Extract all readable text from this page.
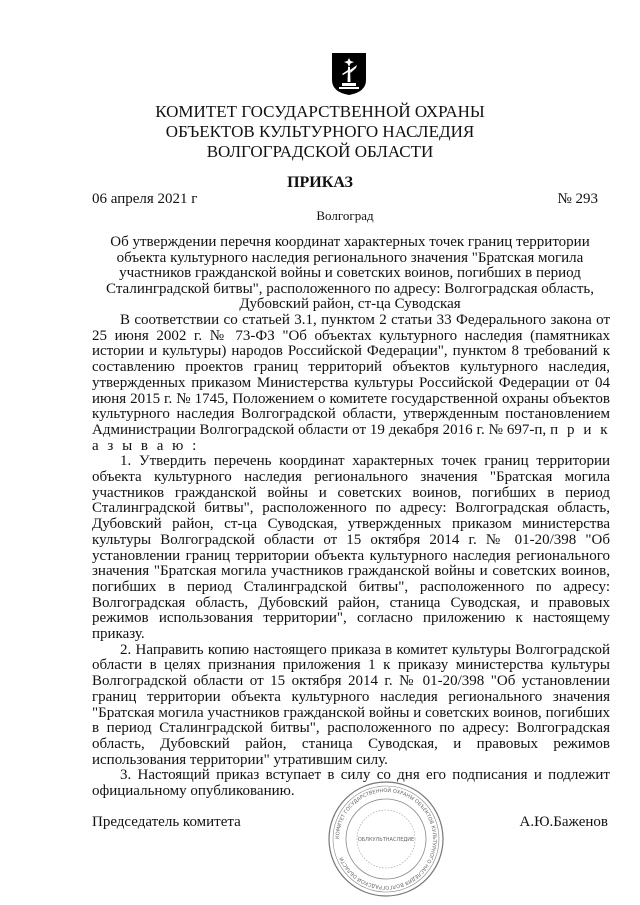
КОМИТЕТ ГОСУДАРСТВЕННОЙ ОХРАНЫ
ОБЪЕКТОВ КУЛЬТУРНОГО НАСЛЕДИЯ
ВОЛГОГРАДСКОЙ ОБЛАСТИ
ПРИКАЗ
06 апреля 2021 г	№ 293
Волгоград
Об утверждении перечня координат характерных точек границ территории объекта культурного наследия регионального значения "Братская могила участников гражданской войны и советских воинов, погибших в период Сталинградской битвы", расположенного по адресу: Волгоградская область, Дубовский район, ст-ца Суводская

В соответствии со статьей 3.1, пунктом 2 статьи 33 Федерального закона от 25 июня 2002 г. № 73-ФЗ "Об объектах культурного наследия (памятниках истории и культуры) народов Российской Федерации", пунктом 8 требований к составлению проектов границ территорий объектов культурного наследия, утвержденных приказом Министерства культуры Российской Федерации от 04 июня 2015 г. № 1745, Положением о комитете государственной охраны объектов культурного наследия Волгоградской области, утвержденным постановлением Администрации Волгоградской области от 19 декабря 2016 г. № 697-п, п р и к а з ы в а ю :

1. Утвердить перечень координат характерных точек границ территории объекта культурного наследия регионального значения "Братская могила участников гражданской войны и советских воинов, погибших в период Сталинградской битвы", расположенного по адресу: Волгоградская область, Дубовский район, ст-ца Суводская, утвержденных приказом министерства культуры Волгоградской области от 15 октября 2014 г. № 01-20/398 "Об установлении границ территории объекта культурного наследия регионального значения "Братская могила участников гражданской войны и советских воинов, погибших в период Сталинградской битвы", расположенного по адресу: Волгоградская область, Дубовский район, станица Суводская, и правовых режимов использования территории", согласно приложению к настоящему приказу.

2. Направить копию настоящего приказа в комитет культуры Волгоградской области в целях признания приложения 1 к приказу министерства культуры Волгоградской области от 15 октября 2014 г. № 01-20/398 "Об установлении границ территории объекта культурного наследия регионального значения "Братская могила участников гражданской войны и советских воинов, погибших в период Сталинградской битвы", расположенного по адресу: Волгоградская область, Дубовский район, станица Суводская, и правовых режимов использования территории" утратившим силу.

3. Настоящий приказ вступает в силу со дня его подписания и подлежит официальному опубликованию.

Председатель комитета	А.Ю.Баженов
КОМИТЕТ ГОСУДАРСТВЕННОЙ ОХРАНЫ ОБЪЕКТОВ КУЛЬТУРНОГО НАСЛЕДИЯ ВОЛГОГРАДСКОЙ ОБЛАСТИ
ОБЛКУЛЬТНАСЛЕДИЕ
